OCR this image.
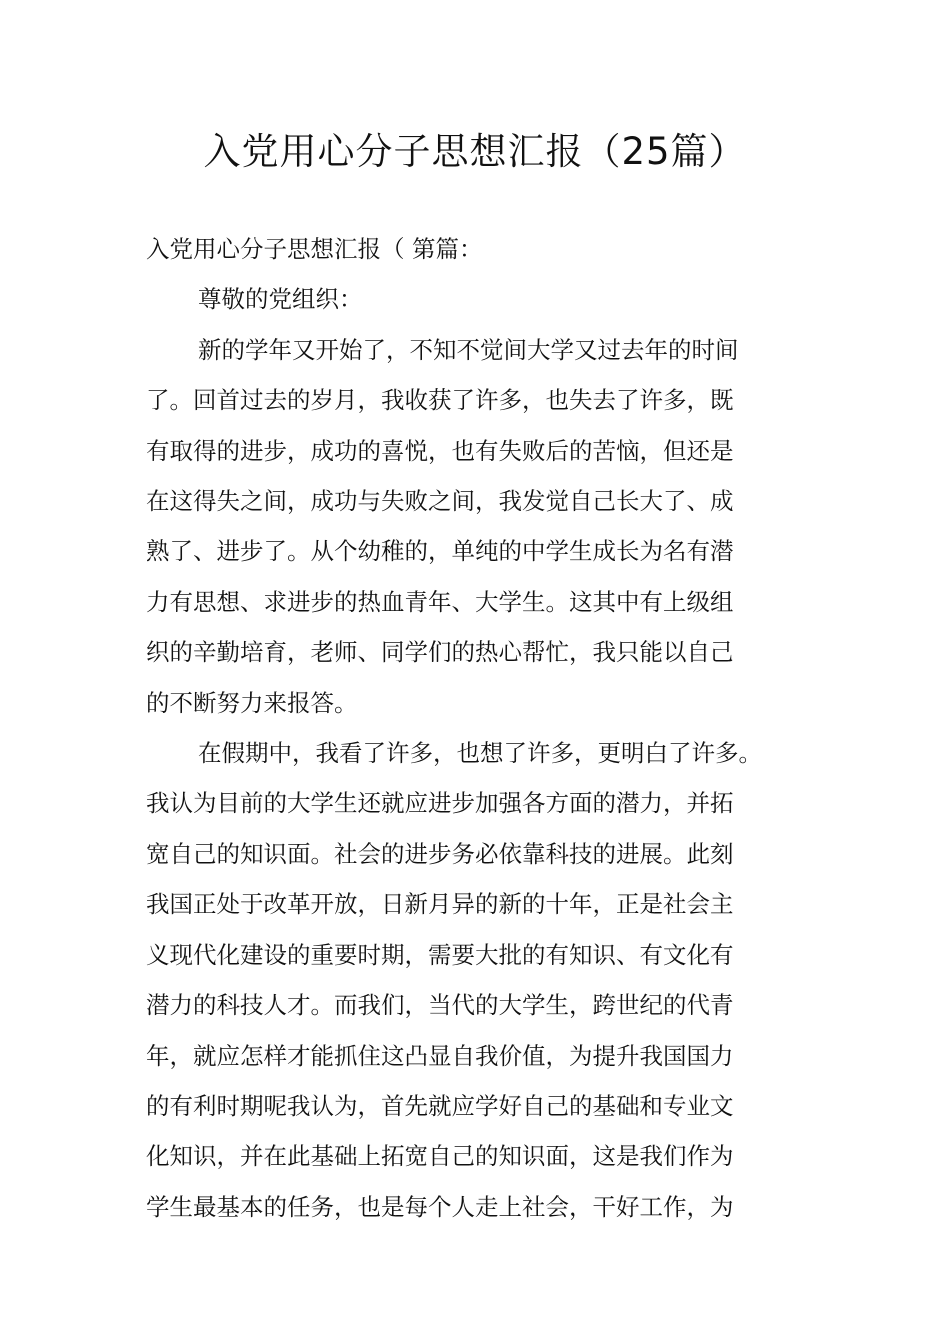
入党用心分子思想汇报（25篇）

入党用心分子思想汇报（ 第篇：

尊敬的党组织：

新的学年又开始了，不知不觉间大学又过去年的时间

了。回首过去的岁月，我收获了许多，也失去了许多，既

有取得的进步，成功的喜悦，也有失败后的苦恼，但还是

在这得失之间，成功与失败之间，我发觉自己长大了、成

熟了、进步了。从个幼稚的，单纯的中学生成长为名有潜

力有思想、求进步的热血青年、大学生。这其中有上级组

织的辛勤培育，老师、同学们的热心帮忙，我只能以自己

的不断努力来报答。

在假期中，我看了许多，也想了许多，更明白了许多。

我认为目前的大学生还就应进步加强各方面的潜力，并拓

宽自己的知识面。社会的进步务必依靠科技的进展。此刻

我国正处于改革开放，日新月异的新的十年，正是社会主

义现代化建设的重要时期，需要大批的有知识、有文化有

潜力的科技人才。而我们，当代的大学生，跨世纪的代青

年，就应怎样才能抓住这凸显自我价值，为提升我国国力

的有利时期呢我认为，首先就应学好自己的基础和专业文

化知识，并在此基础上拓宽自己的知识面，这是我们作为

学生最基本的任务，也是每个人走上社会，干好工作，为
